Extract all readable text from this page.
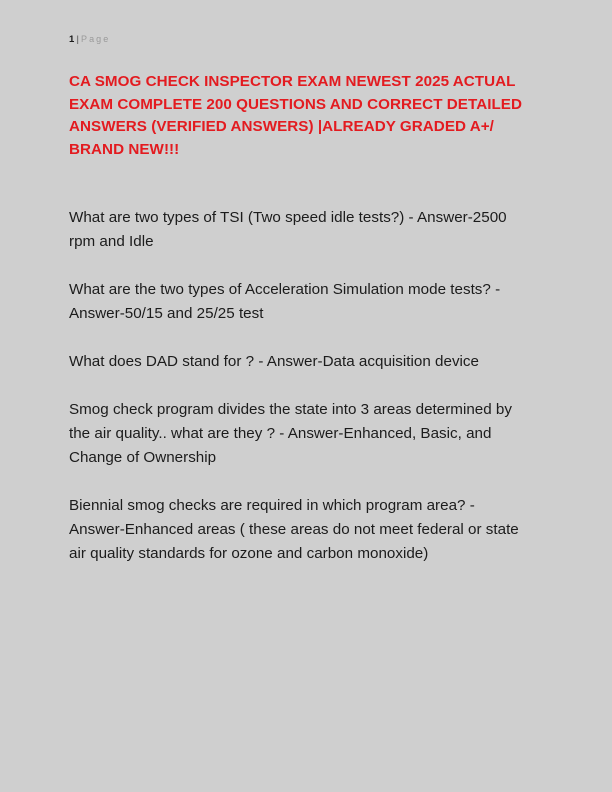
1 | Page
CA SMOG CHECK INSPECTOR EXAM NEWEST 2025 ACTUAL EXAM COMPLETE 200 QUESTIONS AND CORRECT DETAILED ANSWERS (VERIFIED ANSWERS) |ALREADY GRADED A+/ BRAND NEW!!!

What are two types of TSI (Two speed idle tests?) - Answer-2500 rpm and Idle

What are the two types of Acceleration Simulation mode tests? - Answer-50/15 and 25/25 test

What does DAD stand for ? - Answer-Data acquisition device

Smog check program divides the state into 3 areas determined by the air quality.. what are they ? - Answer-Enhanced, Basic, and Change of Ownership

Biennial smog checks are required in which program area? - Answer-Enhanced areas ( these areas do not meet federal or state air quality standards for ozone and carbon monoxide)
